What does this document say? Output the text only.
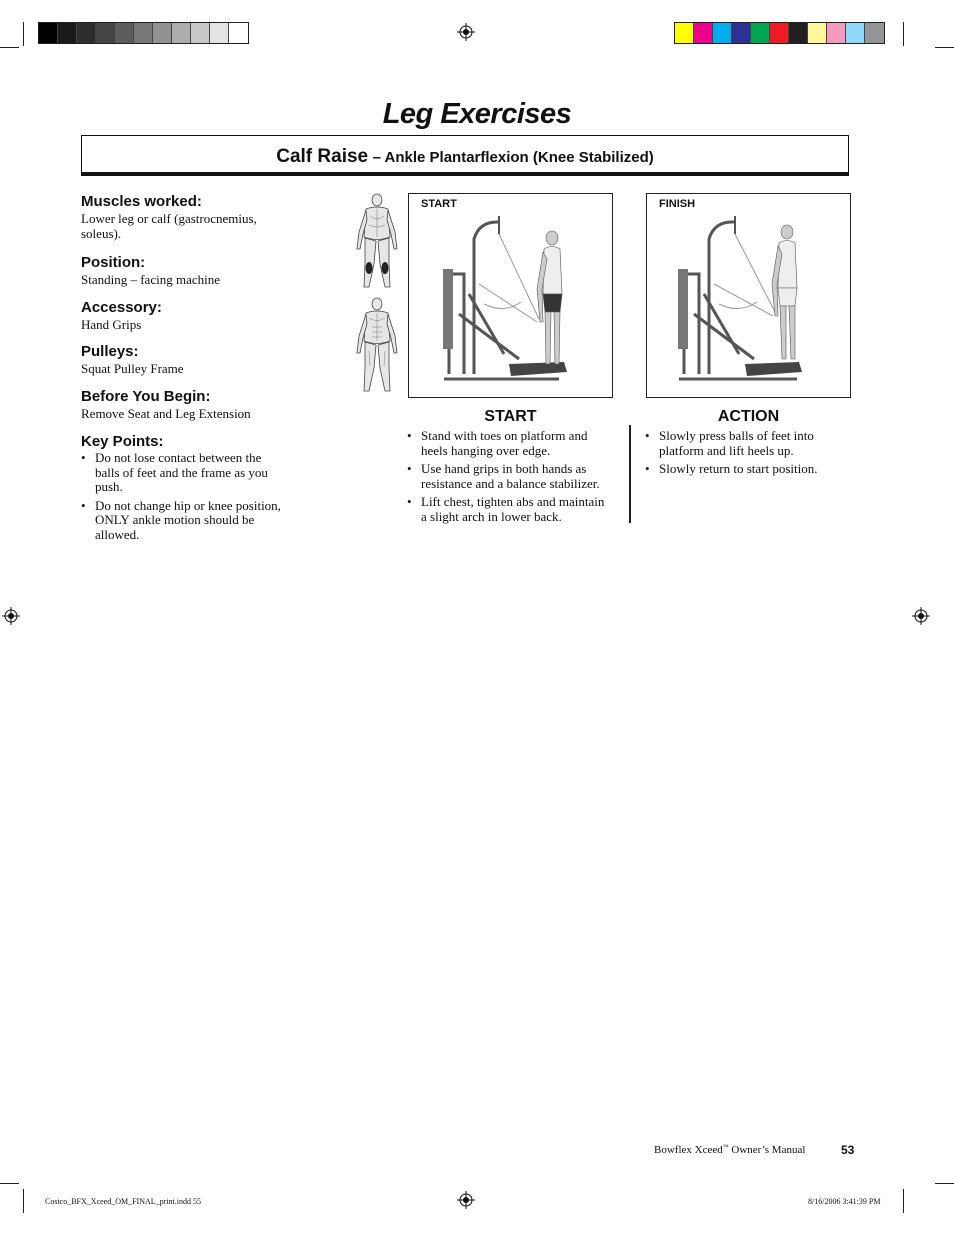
Leg Exercises
Calf Raise – Ankle Plantarflexion (Knee Stabilized)

Muscles worked:

Lower leg or calf (gastrocnemius, soleus).

Position:

Standing – facing machine

Accessory:

Hand Grips

Pulleys:

Squat Pulley Frame

Before You Begin:

Remove Seat and Leg Extension

Key Points:

• Do not lose contact between the balls of feet and the frame as you push.
• Do not change hip or knee position, ONLY ankle motion should be allowed.
START	FINISH
START
• Stand with toes on platform and heels hanging over edge.
• Use hand grips in both hands as resistance and a balance stabilizer.
• Lift chest, tighten abs and maintain a slight arch in lower back.
ACTION
• Slowly press balls of feet into platform and lift heels up.
• Slowly return to start position.
Bowflex Xceed™ Owner’s Manual	53
Costco_BFX_Xceed_OM_FINAL_print.indd 55	8/16/2006 3:41:39 PM
